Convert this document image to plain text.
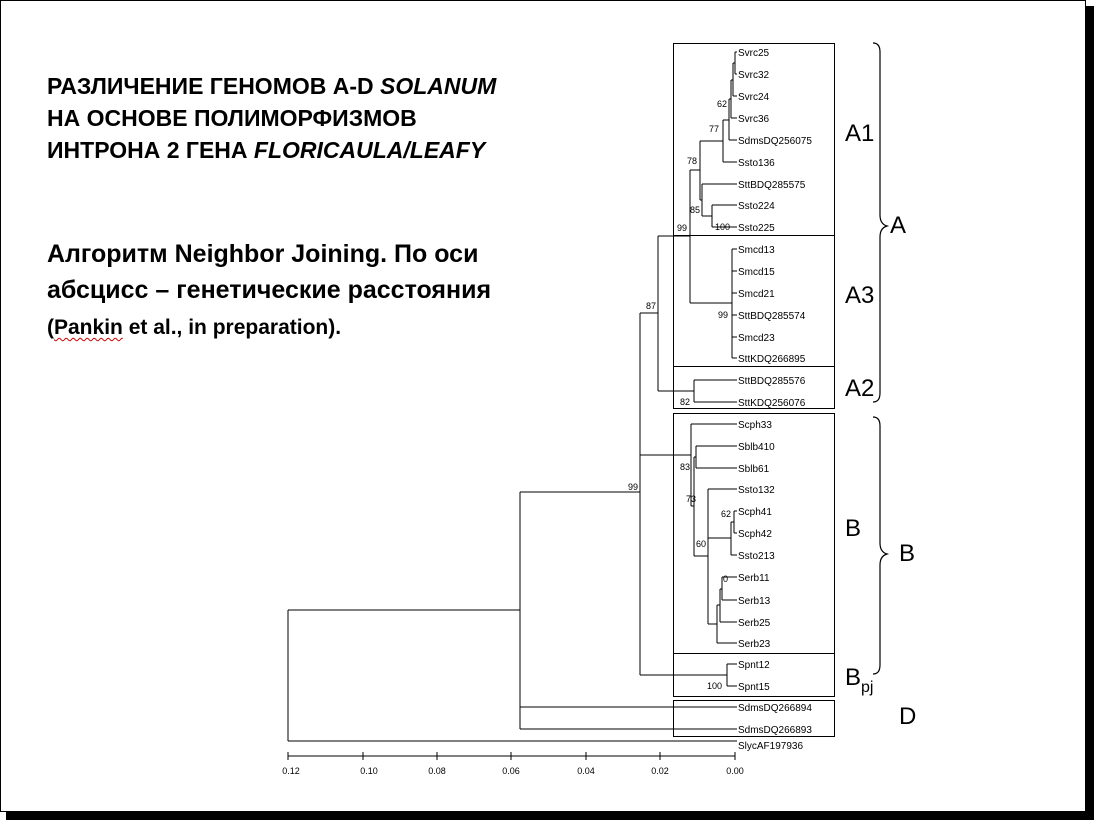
РАЗЛИЧЕНИЕ ГЕНОМОВ A-D SOLANUM
НА ОСНОВЕ ПОЛИМОРФИЗМОВ
ИНТРОНА 2 ГЕНА FLORICAULA/LEAFY

Алгоритм Neighbor Joining. По оси
абсцисс – генетические расстояния
(Pankin et al., in preparation).

Svrc25
Svrc32
Svrc24
Svrc36
SdmsDQ256075
Ssto136
SttBDQ285575
Ssto224
Ssto225
Smcd13
Smcd15
Smcd21
SttBDQ285574
Smcd23
SttKDQ266895
SttBDQ285576
SttKDQ256076
Scph33
Sblb410
Sblb61
Ssto132
Scph41
Scph42
Ssto213
Serb11
Serb13
Serb25
Serb23
Spnt12
Spnt15
SdmsDQ266894
SdmsDQ266893
SlycAF197936
62
77
78
85
100
99
99
87
82
99
83
73
62
60
0
100
A1
A3
A2
B
$B_{pj}$
A
B
D
0.12	0.10	0.08	0.06	0.04	0.02	0.00
